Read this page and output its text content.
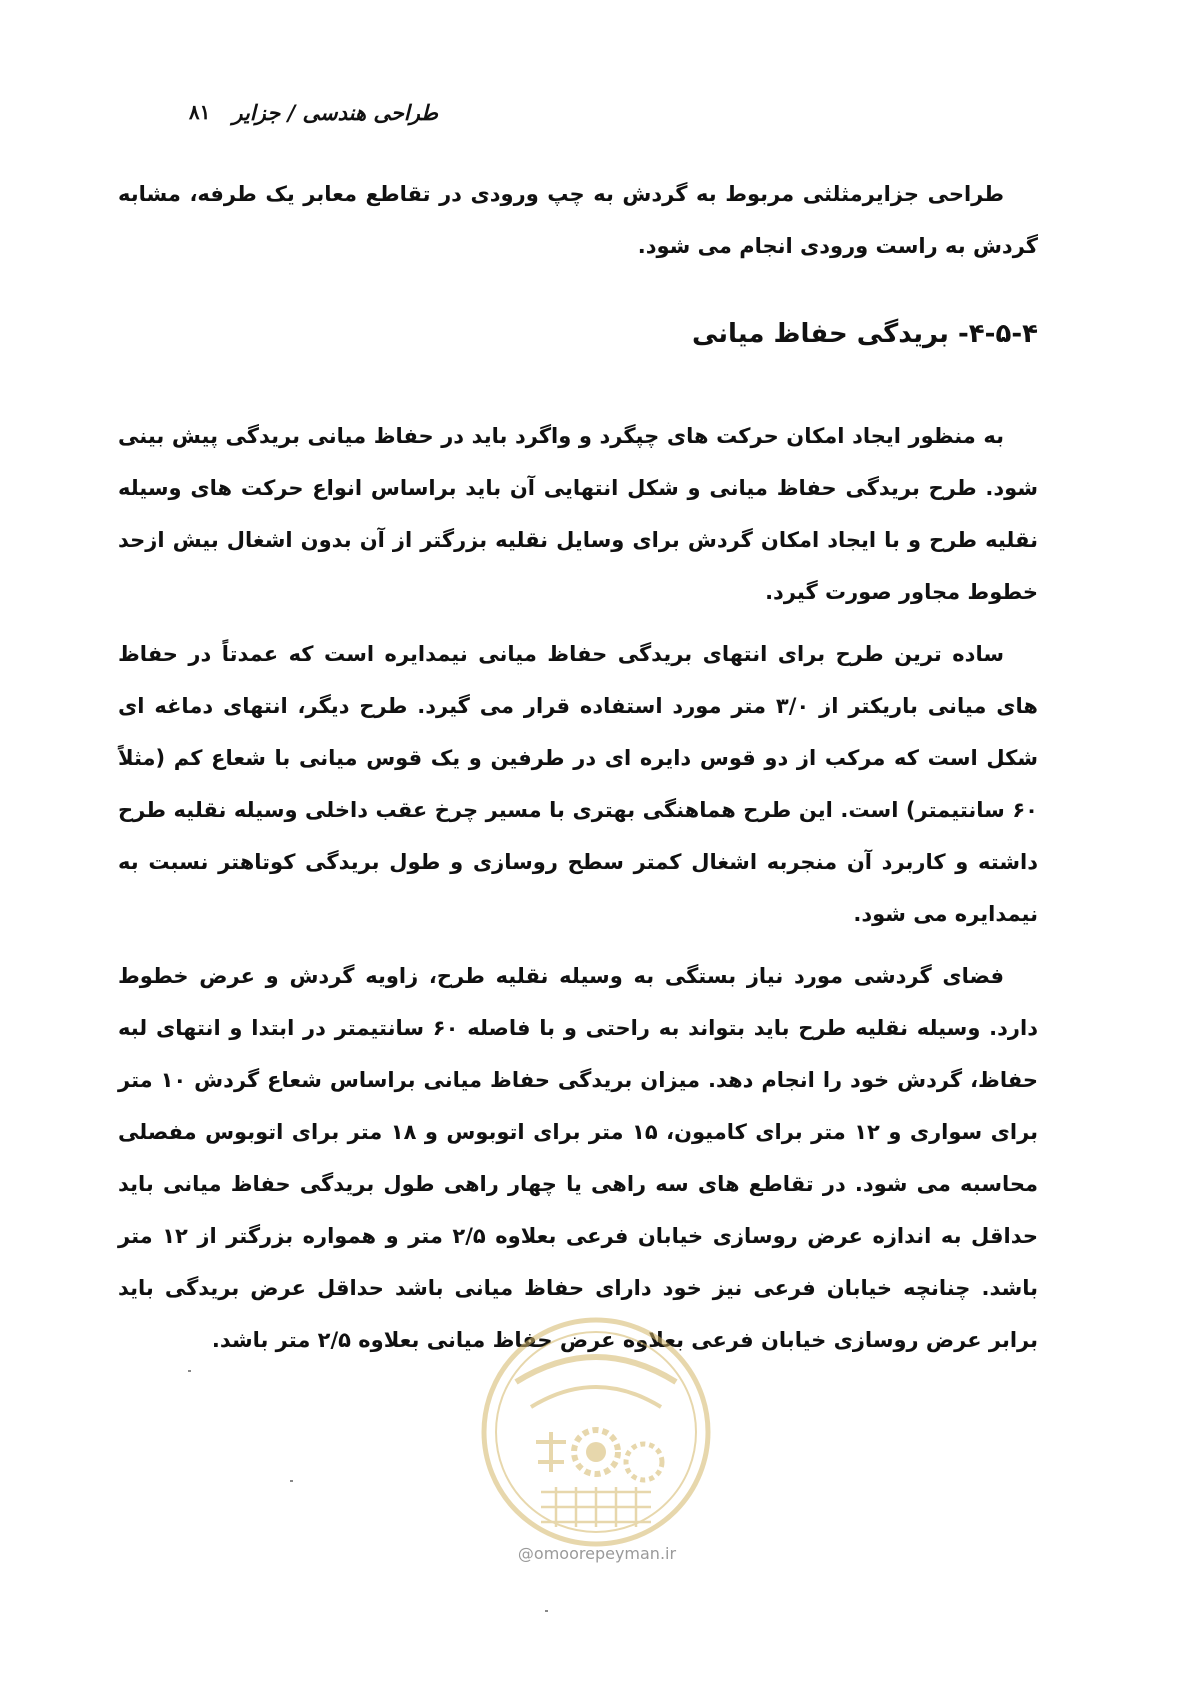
طراحی هندسی / جزایر
۸۱

طراحی جزایرمثلثی مربوط به گردش به چپ ورودی در تقاطع معابر یک طرفه، مشابه گردش به راست ورودی انجام می شود.

۴-۵-۴- بریدگی حفاظ میانی

به منظور ایجاد امکان حرکت های چپگرد و واگرد باید در حفاظ میانی بریدگی پیش بینی شود. طرح بریدگی حفاظ میانی و شکل انتهایی آن باید براساس انواع حرکت های وسیله نقلیه طرح و با ایجاد امکان گردش برای وسایل نقلیه بزرگتر از آن بدون اشغال بیش ازحد خطوط مجاور صورت گیرد.

ساده ترین طرح برای انتهای بریدگی حفاظ میانی نیمدایره است که عمدتاً در حفاظ های میانی باریکتر از ۳/۰ متر مورد استفاده قرار می گیرد. طرح دیگر، انتهای دماغه ای شکل است که مرکب از دو قوس دایره ای در طرفین و یک قوس میانی با شعاع کم (مثلاً ۶۰ سانتیمتر) است. این طرح هماهنگی بهتری با مسیر چرخ عقب داخلی وسیله نقلیه طرح داشته و کاربرد آن منجربه اشغال کمتر سطح روسازی و طول بریدگی کوتاهتر نسبت به نیمدایره می شود.

فضای گردشی مورد نیاز بستگی به وسیله نقلیه طرح، زاویه گردش و عرض خطوط دارد. وسیله نقلیه طرح باید بتواند به راحتی و با فاصله ۶۰ سانتیمتر در ابتدا و انتهای لبه حفاظ، گردش خود را انجام دهد. میزان بریدگی حفاظ میانی براساس شعاع گردش ۱۰ متر برای سواری و ۱۲ متر برای کامیون، ۱۵ متر برای اتوبوس و ۱۸ متر برای اتوبوس مفصلی محاسبه می شود. در تقاطع های سه راهی یا چهار راهی طول بریدگی حفاظ میانی باید حداقل به اندازه عرض روسازی خیابان فرعی بعلاوه ۲/۵ متر و همواره بزرگتر از ۱۲ متر باشد. چنانچه خیابان فرعی نیز خود دارای حفاظ میانی باشد حداقل عرض بریدگی باید برابر عرض روسازی خیابان فرعی بعلاوه عرض حفاظ میانی بعلاوه ۲/۵ متر باشد.

@omoorepeyman.ir
